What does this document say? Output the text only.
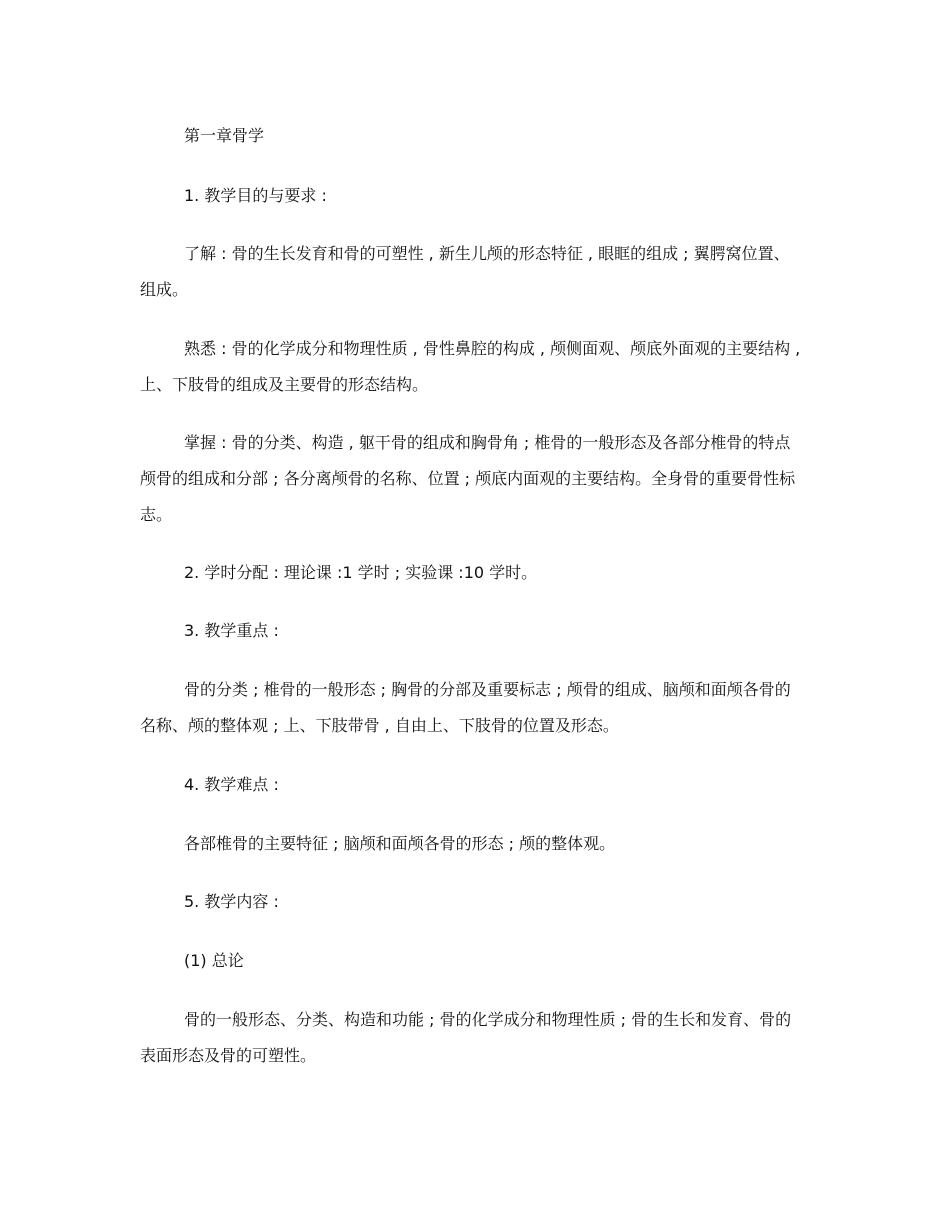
第一章骨学

1. 教学目的与要求 :

了解 : 骨的生长发育和骨的可塑性 , 新生儿颅的形态特征 , 眼眶的组成 ; 翼腭窝位置、组成。

熟悉 : 骨的化学成分和物理性质 , 骨性鼻腔的构成 , 颅侧面观、颅底外面观的主要结构 , 上、下肢骨的组成及主要骨的形态结构。

掌握 : 骨的分类、构造 , 躯干骨的组成和胸骨角 ; 椎骨的一般形态及各部分椎骨的特点颅骨的组成和分部 ; 各分离颅骨的名称、位置 ; 颅底内面观的主要结构。全身骨的重要骨性标志。

2. 学时分配 : 理论课 :1 学时 ; 实验课 :10 学时。

3. 教学重点 :

骨的分类 ; 椎骨的一般形态 ; 胸骨的分部及重要标志 ; 颅骨的组成、脑颅和面颅各骨的名称、颅的整体观 ; 上、下肢带骨 , 自由上、下肢骨的位置及形态。

4. 教学难点 :

各部椎骨的主要特征 ; 脑颅和面颅各骨的形态 ; 颅的整体观。

5. 教学内容 :

(1) 总论

骨的一般形态、分类、构造和功能 ; 骨的化学成分和物理性质 ; 骨的生长和发育、骨的表面形态及骨的可塑性。
